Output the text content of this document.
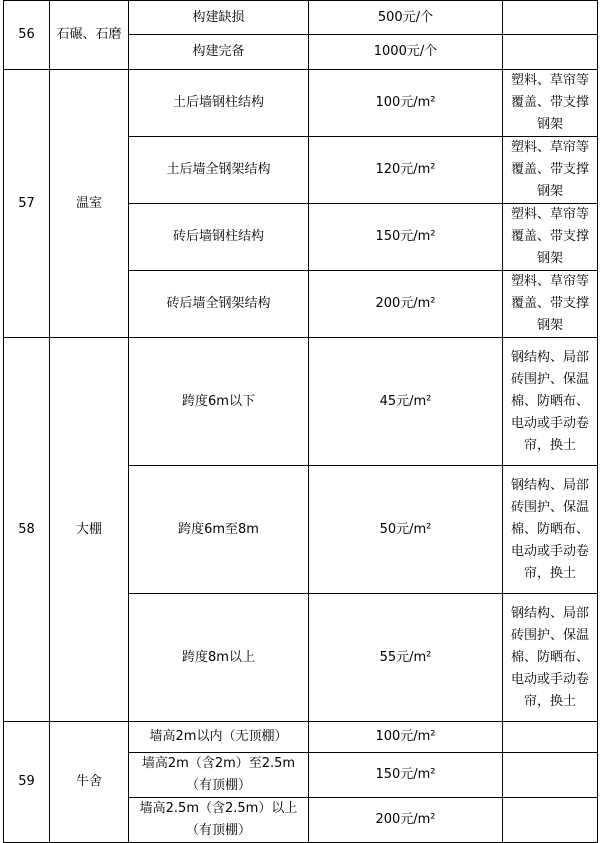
56	石碾、石磨	构建缺损	500元/个	
		构建完备	1000元/个	
57	温室	土后墙钢柱结构	100元/m²	塑料、草帘等覆盖、带支撑钢架

		土后墙全钢架结构	120元/m²	塑料、草帘等覆盖、带支撑钢架

		砖后墙钢柱结构	150元/m²	塑料、草帘等覆盖、带支撑钢架

		砖后墙全钢架结构	200元/m²	塑料、草帘等覆盖、带支撑钢架

58	大棚	跨度6m以下	45元/m²	钢结构、局部砖围护、保温棉、防晒布、电动或手动卷帘，换土

		跨度6m至8m	50元/m²	钢结构、局部砖围护、保温棉、防晒布、电动或手动卷帘，换土

		跨度8m以上	55元/m²	钢结构、局部砖围护、保温棉、防晒布、电动或手动卷帘，换土

59	牛舍	墙高2m以内（无顶棚）	100元/m²	
		墙高2m（含2m）至2.5m（有顶棚）	150元/m²	
		墙高2.5m（含2.5m）以上（有顶棚）	200元/m²	
